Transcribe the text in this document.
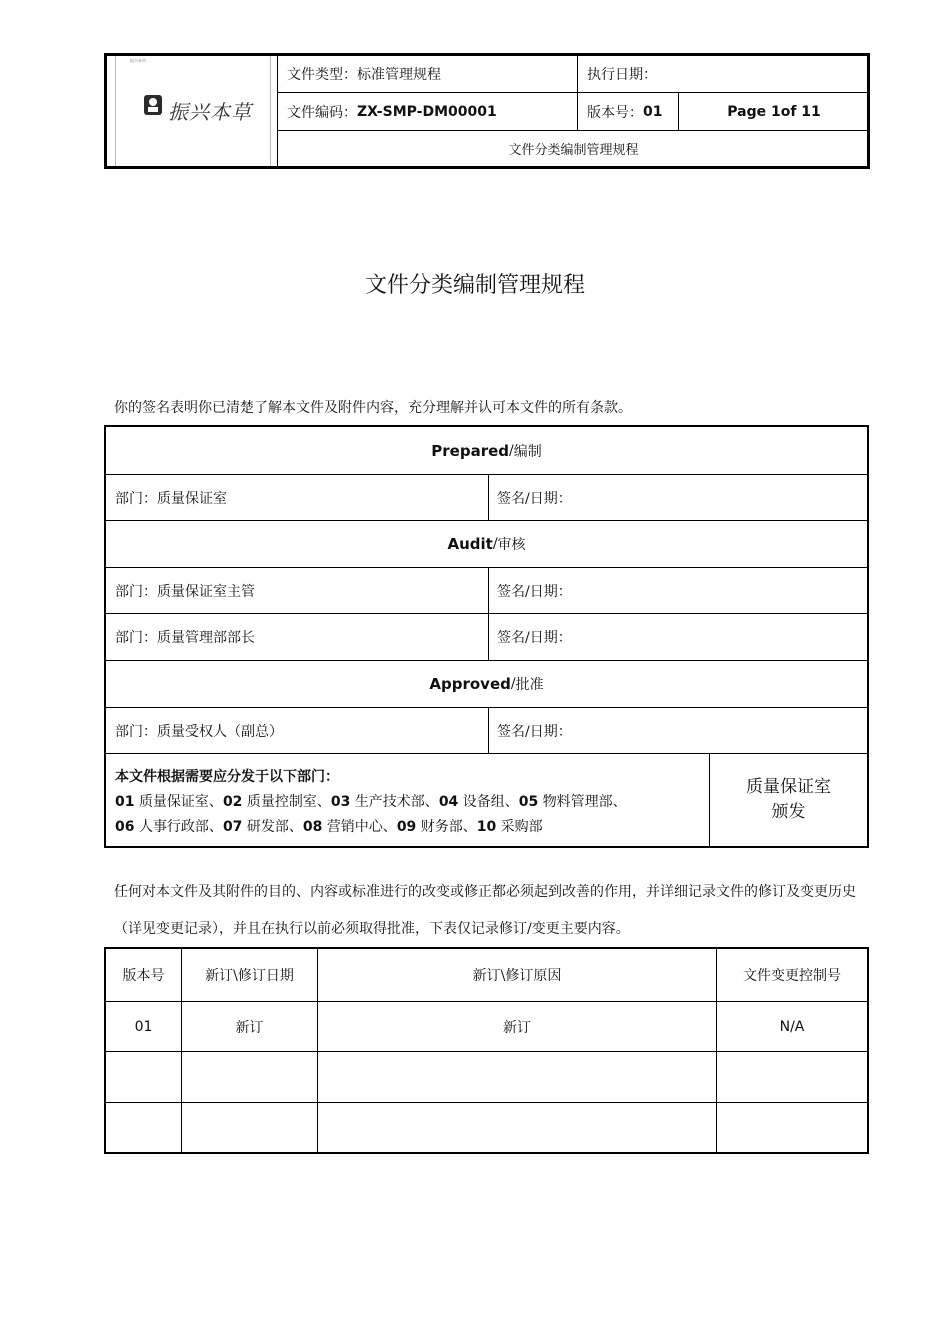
振兴本草
振兴本草
文件类型：标准管理规程	执行日期：
文件编码： ZX-SMP-DM00001	版本号： 01	Page 1of 11
文件分类编制管理规程
文件分类编制管理规程
你的签名表明你已清楚了解本文件及附件内容，充分理解并认可本文件的所有条款。
Prepared / 编制
部门：质量保证室	签名/日期：
Audit / 审核
部门：质量保证室主管	签名/日期：
部门：质量管理部部长	签名/日期：
Approved / 批准
部门：质量受权人（副总）	签名/日期：
本文件根据需要应分发于以下部门：
01 质量保证室、02 质量控制室、03 生产技术部、04 设备组、05 物料管理部、
06 人事行政部、07 研发部、08 营销中心、09 财务部、10 采购部
质量保证室
颁发
任何对本文件及其附件的目的、内容或标准进行的改变或修正都必须起到改善的作用，并详细记录文件的修订及变更历史（详见变更记录），并且在执行以前必须取得批准，下表仅记录修订/变更主要内容。
版本号	新订\修订日期	新订\修订原因	文件变更控制号
01	新订	新订	N/A
